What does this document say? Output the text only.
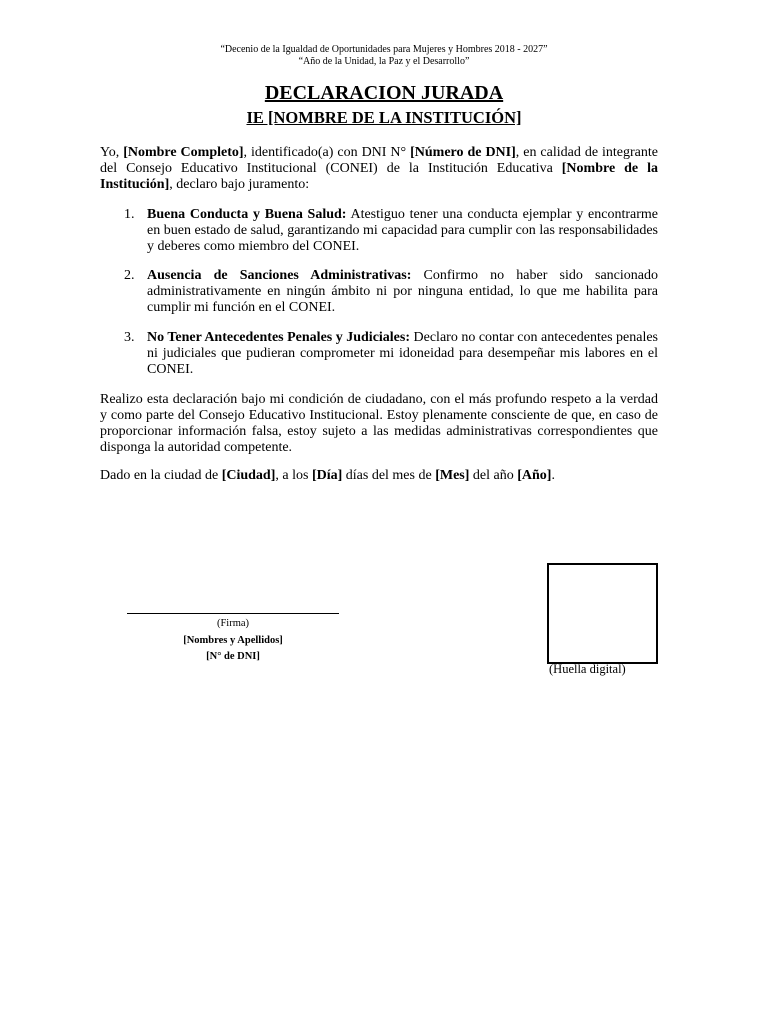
“Decenio de la Igualdad de Oportunidades para Mujeres y Hombres 2018 - 2027”
“Año de la Unidad, la Paz y el Desarrollo”
DECLARACION JURADA
IE [NOMBRE DE LA INSTITUCIÓN]
Yo, [Nombre Completo], identificado(a) con DNI N° [Número de DNI], en calidad de integrante del Consejo Educativo Institucional (CONEI) de la Institución Educativa [Nombre de la Institución], declaro bajo juramento:
1. Buena Conducta y Buena Salud: Atestiguo tener una conducta ejemplar y encontrarme en buen estado de salud, garantizando mi capacidad para cumplir con las responsabilidades y deberes como miembro del CONEI.
2. Ausencia de Sanciones Administrativas: Confirmo no haber sido sancionado administrativamente en ningún ámbito ni por ninguna entidad, lo que me habilita para cumplir mi función en el CONEI.
3. No Tener Antecedentes Penales y Judiciales: Declaro no contar con antecedentes penales ni judiciales que pudieran comprometer mi idoneidad para desempeñar mis labores en el CONEI.
Realizo esta declaración bajo mi condición de ciudadano, con el más profundo respeto a la verdad y como parte del Consejo Educativo Institucional. Estoy plenamente consciente de que, en caso de proporcionar información falsa, estoy sujeto a las medidas administrativas correspondientes que disponga la autoridad competente.
Dado en la ciudad de [Ciudad], a los [Día] días del mes de [Mes] del año [Año].
(Firma)
[Nombres y Apellidos]
[N° de DNI]
(Huella digital)
